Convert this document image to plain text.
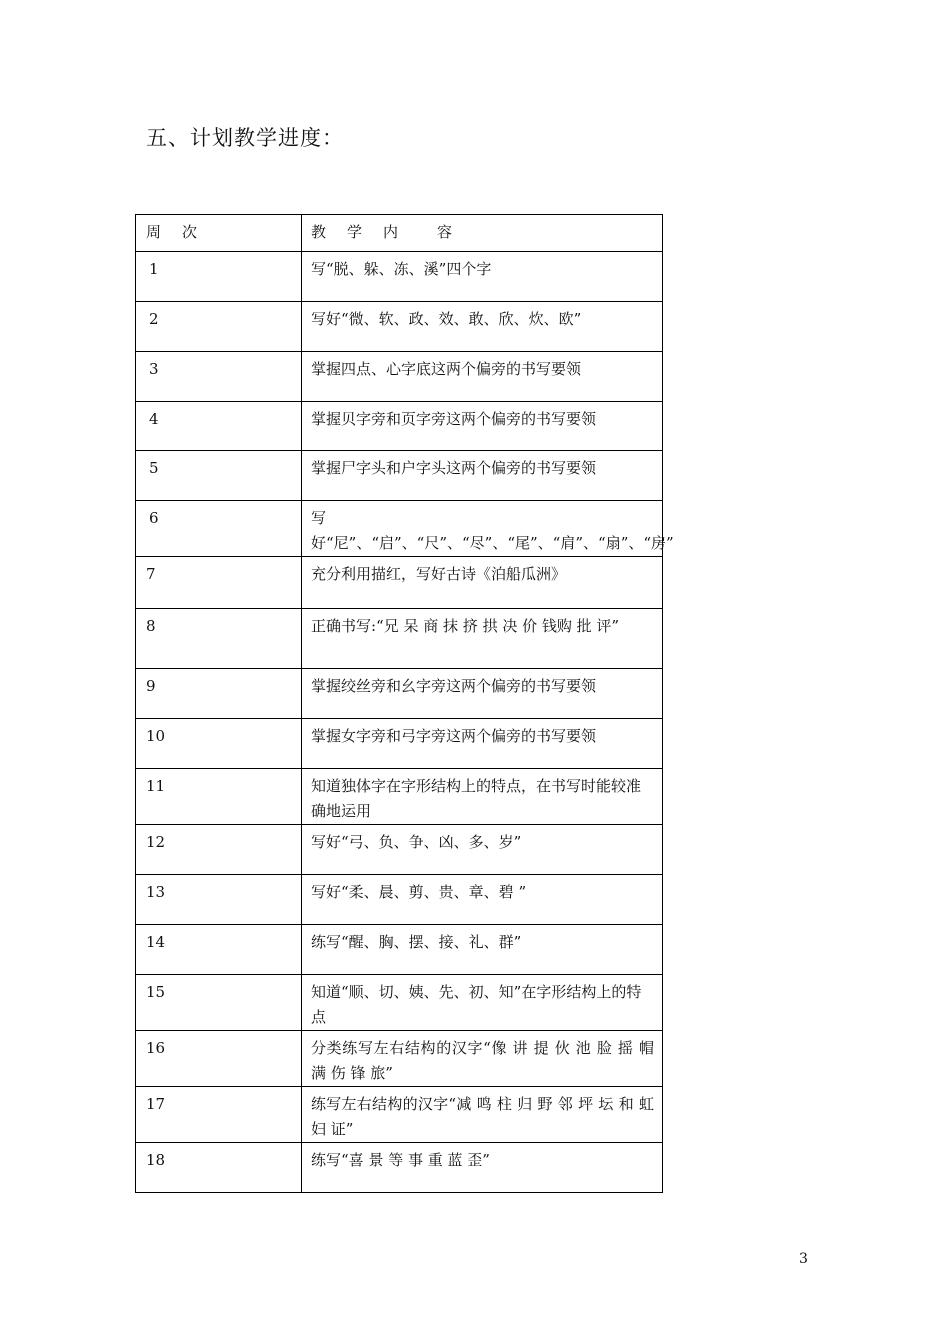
五、计划教学进度：
周　次	教　学　内　　容
1	写“脱、躲、冻、溪”四个字
2	写好“微、软、政、效、敢、欣、炊、欧”
3	掌握四点、心字底这两个偏旁的书写要领
4	掌握贝字旁和页字旁这两个偏旁的书写要领
5	掌握尸字头和户字头这两个偏旁的书写要领
6	写好“尼”、“启”、“尺”、“尽”、“尾”、“肩”、“扇”、“房”
7	充分利用描红，写好古诗《泊船瓜洲》
8	正确书写:“兄 呆 商 抹 挤 拱 决 价 钱购 批 评”
9	掌握绞丝旁和幺字旁这两个偏旁的书写要领
10	掌握女字旁和弓字旁这两个偏旁的书写要领
11	知道独体字在字形结构上的特点，在书写时能较准确地运用
12	写好“弓、负、争、凶、多、岁”
13	写好“柔、晨、剪、贵、章、碧 ”
14	练写“醒、胸、摆、接、礼、群”
15	知道“顺、切、姨、先、初、知”在字形结构上的特点
16	分类练写左右结构的汉字“像 讲 提 伙 池 脸 摇 帽 满 伤 锋 旅”
17	练写左右结构的汉字“减 鸣 柱 归 野 邻 坪 坛 和 虹 妇 证”
18	练写“喜 景 等 事 重 蓝 歪”
3
